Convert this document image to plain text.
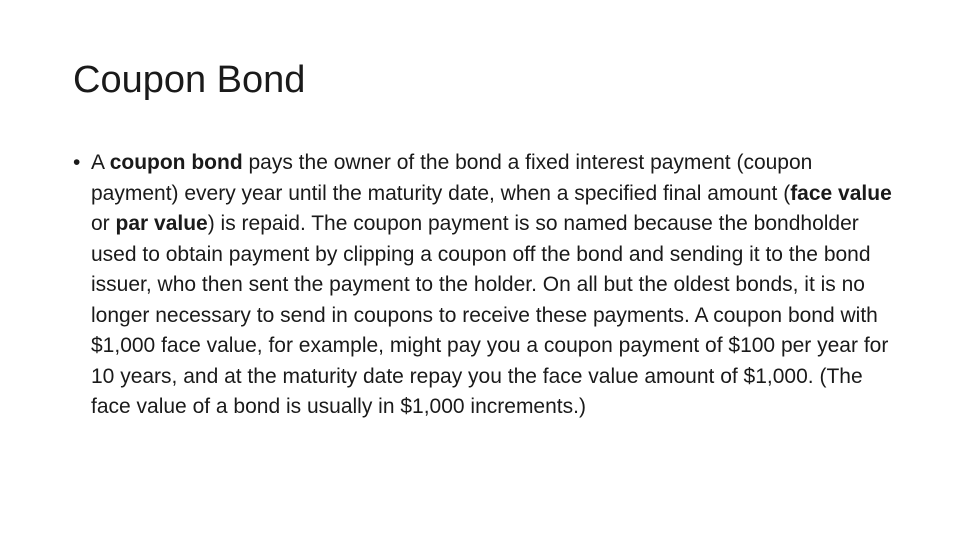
Coupon Bond

• A coupon bond pays the owner of the bond a fixed interest payment (coupon payment) every year until the maturity date, when a specified final amount (face value or par value) is repaid. The coupon payment is so named because the bondholder used to obtain payment by clipping a coupon off the bond and sending it to the bond issuer, who then sent the payment to the holder. On all but the oldest bonds, it is no longer necessary to send in coupons to receive these payments. A coupon bond with $1,000 face value, for example, might pay you a coupon payment of $100 per year for 10 years, and at the maturity date repay you the face value amount of $1,000. (The face value of a bond is usually in $1,000 increments.)
